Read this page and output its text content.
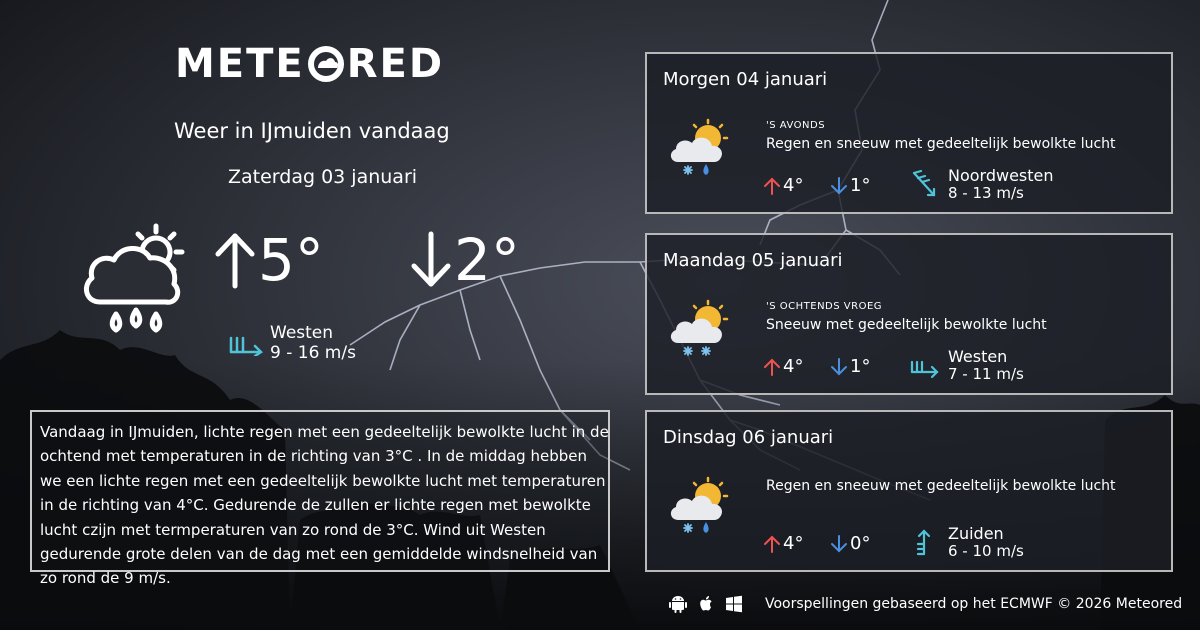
METE RED
Weer in IJmuiden vandaag
Zaterdag 03 januari
5° 2°
Westen
9 - 16 m/s
Vandaag in IJmuiden, lichte regen met een gedeeltelijk bewolkte lucht in de ochtend met temperaturen in de richting van 3°C . In de middag hebben we een lichte regen met een gedeeltelijk bewolkte lucht met temperaturen in de richting van 4°C. Gedurende de zullen er lichte regen met bewolkte lucht czijn met termperaturen van zo rond de 3°C. Wind uit Westen gedurende grote delen van de dag met een gemiddelde windsnelheid van zo rond de 9 m/s.
Morgen 04 januari
'S AVONDS
Regen en sneeuw met gedeeltelijk bewolkte lucht
4°	1°	Noordwesten
8 - 13 m/s
Maandag 05 januari
'S OCHTENDS VROEG
Sneeuw met gedeeltelijk bewolkte lucht
4°	1°	Westen
7 - 11 m/s
Dinsdag 06 januari
Regen en sneeuw met gedeeltelijk bewolkte lucht
4°	0°	Zuiden
6 - 10 m/s
Voorspellingen gebaseerd op het ECMWF © 2026 Meteored
